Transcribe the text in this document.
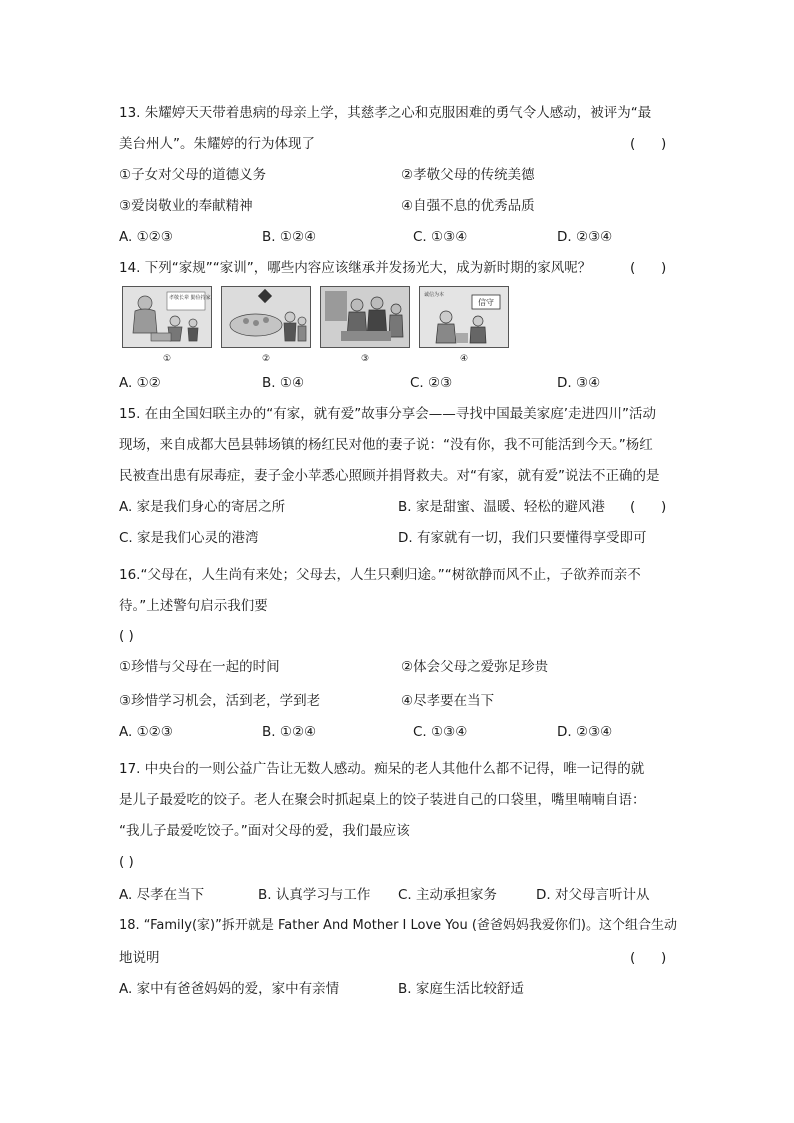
13. 朱耀婷天天带着患病的母亲上学，其慈孝之心和克服困难的勇气令人感动，被评为“最
美台州人”。朱耀婷的行为体现了	(      )
①子女对父母的道德义务	②孝敬父母的传统美德
③爱岗敬业的奉献精神	④自强不息的优秀品质
A. ①②③	B. ①②④	C. ①③④	D. ②③④
14. 下列“家规”“家训”，哪些内容应该继承并发扬光大，成为新时期的家风呢？	(      )
孝敬长辈 勤俭持家	诚信为本
信守
①	②	③	④
A. ①②	B. ①④	C. ②③	D. ③④
15. 在由全国妇联主办的“有家，就有爱”故事分享会——寻找中国最美家庭’走进四川”活动
现场，来自成都大邑县韩场镇的杨红民对他的妻子说：“没有你，我不可能活到今天。”杨红
民被查出患有尿毒症，妻子金小苹悉心照顾并捐肾救夫。对“有家，就有爱”说法不正确的是
A. 家是我们身心的寄居之所	B. 家是甜蜜、温暖、轻松的避风港 (      )
C. 家是我们心灵的港湾	D. 有家就有一切，我们只要懂得享受即可
16.“父母在，人生尚有来处；父母去，人生只剩归途。”“树欲静而风不止，子欲养而亲不
待。”上述警句启示我们要
( )
①珍惜与父母在一起的时间	②体会父母之爱弥足珍贵
③珍惜学习机会，活到老，学到老	④尽孝要在当下
A. ①②③	B. ①②④	C. ①③④	D. ②③④
17. 中央台的一则公益广告让无数人感动。痴呆的老人其他什么都不记得，唯一记得的就
是儿子最爱吃的饺子。老人在聚会时抓起桌上的饺子装进自己的口袋里，嘴里喃喃自语：
“我儿子最爱吃饺子。”面对父母的爱，我们最应该
( )
A. 尽孝在当下	B. 认真学习与工作 C. 主动承担家务	D. 对父母言听计从
18. “Family(家)”拆开就是 Father And Mother I Love You (爸爸妈妈我爱你们)。这个组合生动
地说明	(      )
A. 家中有爸爸妈妈的爱，家中有亲情	B. 家庭生活比较舒适
